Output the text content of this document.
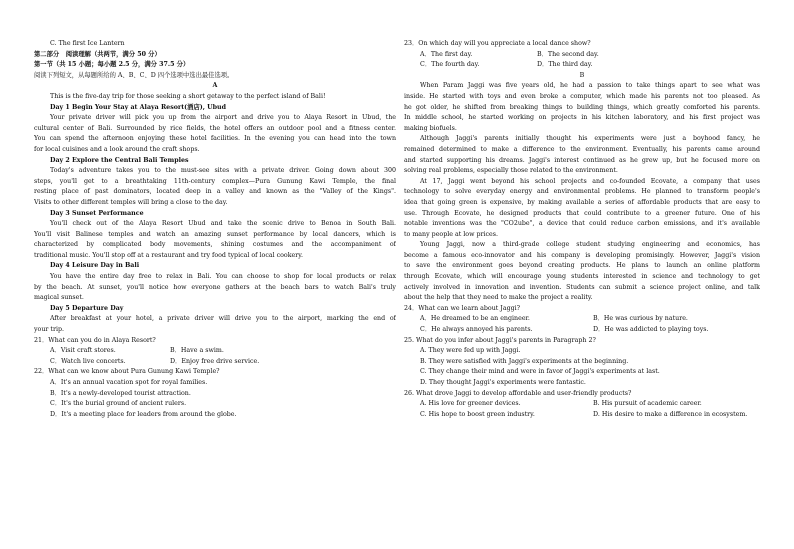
C. The first Ice Lantern
第二部分   阅读理解（共两节，满分 50 分）
第一节（共 15 小题；每小题 2.5 分，满分 37.5 分）
阅读下列短文，从每题所给的 A、B、C、D 四个选项中选出最佳选项。
A
This is the five-day trip for those seeking a short getaway to the perfect island of Bali!
Day 1 Begin Your Stay at Alaya Resort(酒店), Ubud
Your private driver will pick you up from the airport and drive you to Alaya Resort in Ubud, the
cultural center of Bali. Surrounded by rice fields, the hotel offers an outdoor pool and a fitness center.
You can spend the afternoon enjoying these hotel facilities. In the evening you can head into the town
for local cuisines and a look around the craft shops.
Day 2 Explore the Central Bali Temples
Today's adventure takes you to the must-see sites with a private driver. Going down about 300
steps, you'll get to a breathtaking 11th-century complex—Pura Gunung Kawi Temple, the final
resting place of past dominators, located deep in a valley and known as the "Valley of the Kings".
Visits to other different temples will bring a close to the day.
Day 3 Sunset Performance
You'll check out of the Alaya Resort Ubud and take the scenic drive to Benoa in South Bali.
You'll visit Balinese temples and watch an amazing sunset performance by local dancers, which is
characterized by complicated body movements, shining costumes and the accompaniment of
traditional music. You'll stop off at a restaurant and try food typical of local cookery.
Day 4 Leisure Day in Bali
You have the entire day free to relax in Bali. You can choose to shop for local products or relax
by the beach. At sunset, you'll notice how everyone gathers at the beach bars to watch Bali's truly
magical sunset.
Day 5 Departure Day
After breakfast at your hotel, a private driver will drive you to the airport, marking the end of
your trip.
21．What can you do in Alaya Resort?
A．Visit craft stores.	B．Have a swim.
C．Watch live concerts.	D．Enjoy free drive service.
22．What can we know about Pura Gunung Kawi Temple?
A．It's an annual vacation spot for royal families.
B．It's a newly-developed tourist attraction.
C．It's the burial ground of ancient rulers.
D．It's a meeting place for leaders from around the globe.
23．On which day will you appreciate a local dance show?
A．The first day.	B．The second day.
C．The fourth day.	D．The third day.
B
When Param Jaggi was five years old, he had a passion to take things apart to see what was
inside. He started with toys and even broke a computer, which made his parents not too pleased. As
he got older, he shifted from breaking things to building things, which greatly comforted his parents.
In middle school, he started working on projects in his kitchen laboratory, and his first project was
making biofuels.
Although Jaggi's parents initially thought his experiments were just a boyhood fancy, he
remained determined to make a difference to the environment. Eventually, his parents came around
and started supporting his dreams. Jaggi's interest continued as he grew up, but he focused more on
solving real problems, especially those related to the environment.
At 17, Jaggi went beyond his school projects and co-founded Ecovate, a company that uses
technology to solve everyday energy and environmental problems. He planned to transform people's
idea that going green is expensive, by making available a series of affordable products that are easy to
use. Through Ecovate, he designed products that could contribute to a greener future. One of his
notable inventions was the "CO2ube", a device that could reduce carbon emissions, and it's available
to many people at low prices.
Young Jaggi, now a third-grade college student studying engineering and economics, has
become a famous eco-innovator and his company is developing promisingly. However, Jaggi's vision
to save the environment goes beyond creating products. He plans to launch an online platform
through Ecovate, which will encourage young students interested in science and technology to get
actively involved in innovation and invention. Students can submit a science project online, and talk
about the help that they need to make the project a reality.
24．What can we learn about Jaggi?
A．He dreamed to be an engineer.	B．He was curious by nature.
C．He always annoyed his parents.	D．He was addicted to playing toys.
25. What do you infer about Jaggi's parents in Paragraph 2?
A. They were fed up with Jaggi.
B. They were satisfied with Jaggi's experiments at the beginning.
C. They change their mind and were in favor of Jaggi's experiments at last.
D. They thought Jaggi's experiments were fantastic.
26. What drove Jaggi to develop affordable and user-friendly products?
A. His love for greener devices.	B. His pursuit of academic career.
C. His hope to boost green industry.	D. His desire to make a difference in ecosystem.
